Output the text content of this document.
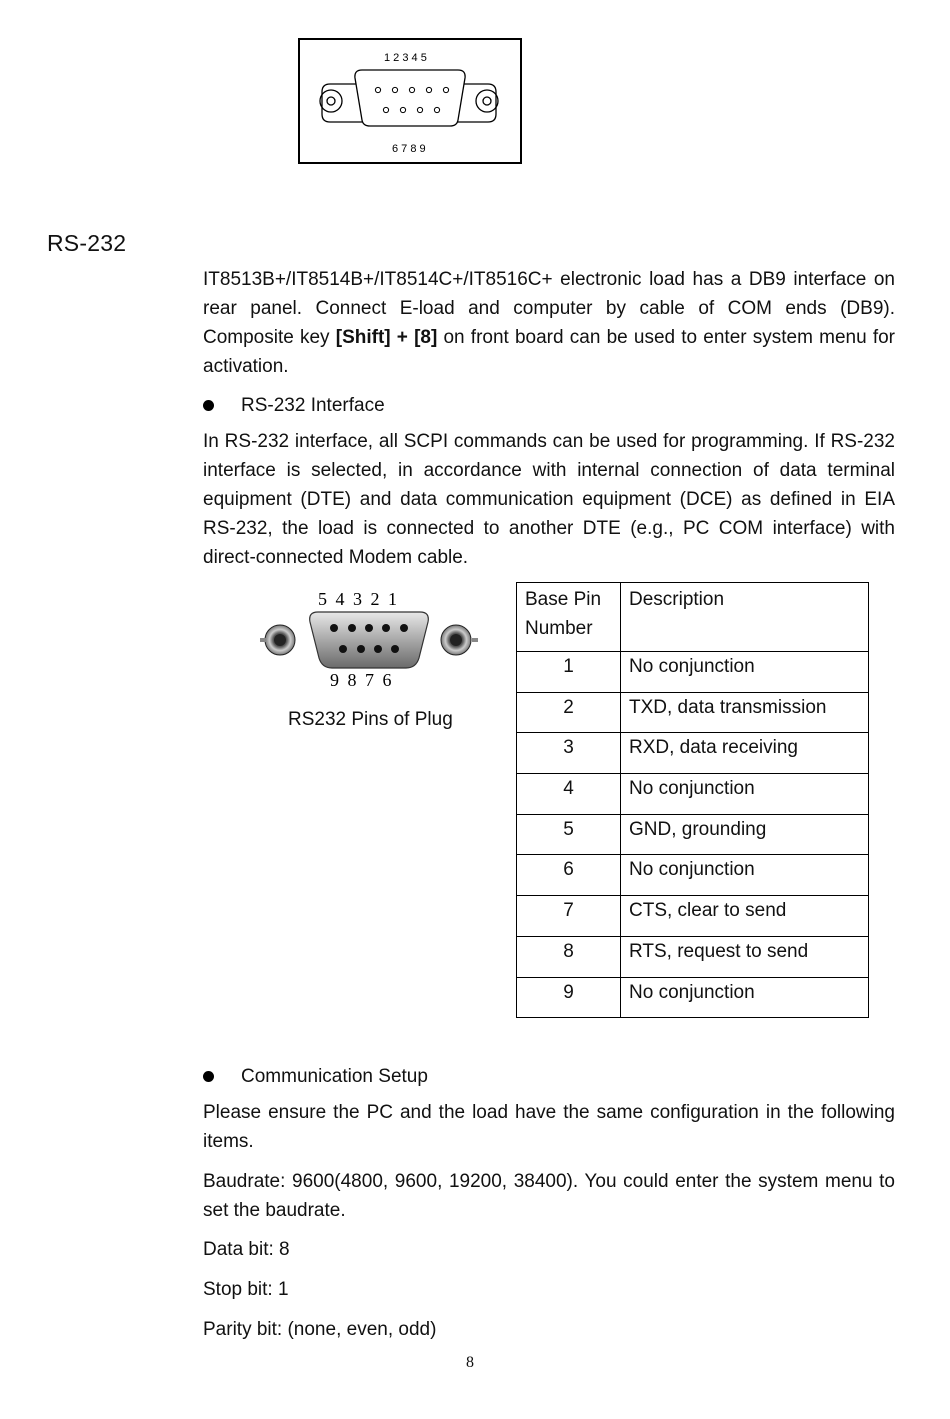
1 2 3 4 5
6 7 8 9
RS-232

IT8513B+/IT8514B+/IT8514C+/IT8516C+ electronic load has a DB9 interface on rear panel. Connect E-load and computer by cable of COM ends (DB9). Composite key [Shift] + [8] on front board can be used to enter system menu for activation.

RS-232 Interface

In RS-232 interface, all SCPI commands can be used for programming. If RS-232 interface is selected, in accordance with internal connection of data terminal equipment (DTE) and data communication equipment (DCE) as defined in EIA RS-232, the load is connected to another DTE (e.g., PC COM interface) with direct-connected Modem cable.

5 4 3 2 1
9 8 7 6

RS232 Pins of Plug

Base Pin Number	Description
1	No conjunction
2	TXD, data transmission
3	RXD, data receiving
4	No conjunction
5	GND, grounding
6	No conjunction
7	CTS, clear to send
8	RTS, request to send
9	No conjunction
Communication Setup

Please ensure the PC and the load have the same configuration in the following items.

Baudrate: 9600(4800, 9600, 19200, 38400). You could enter the system menu to set the baudrate.

Data bit: 8

Stop bit: 1

Parity bit: (none, even, odd)

8
